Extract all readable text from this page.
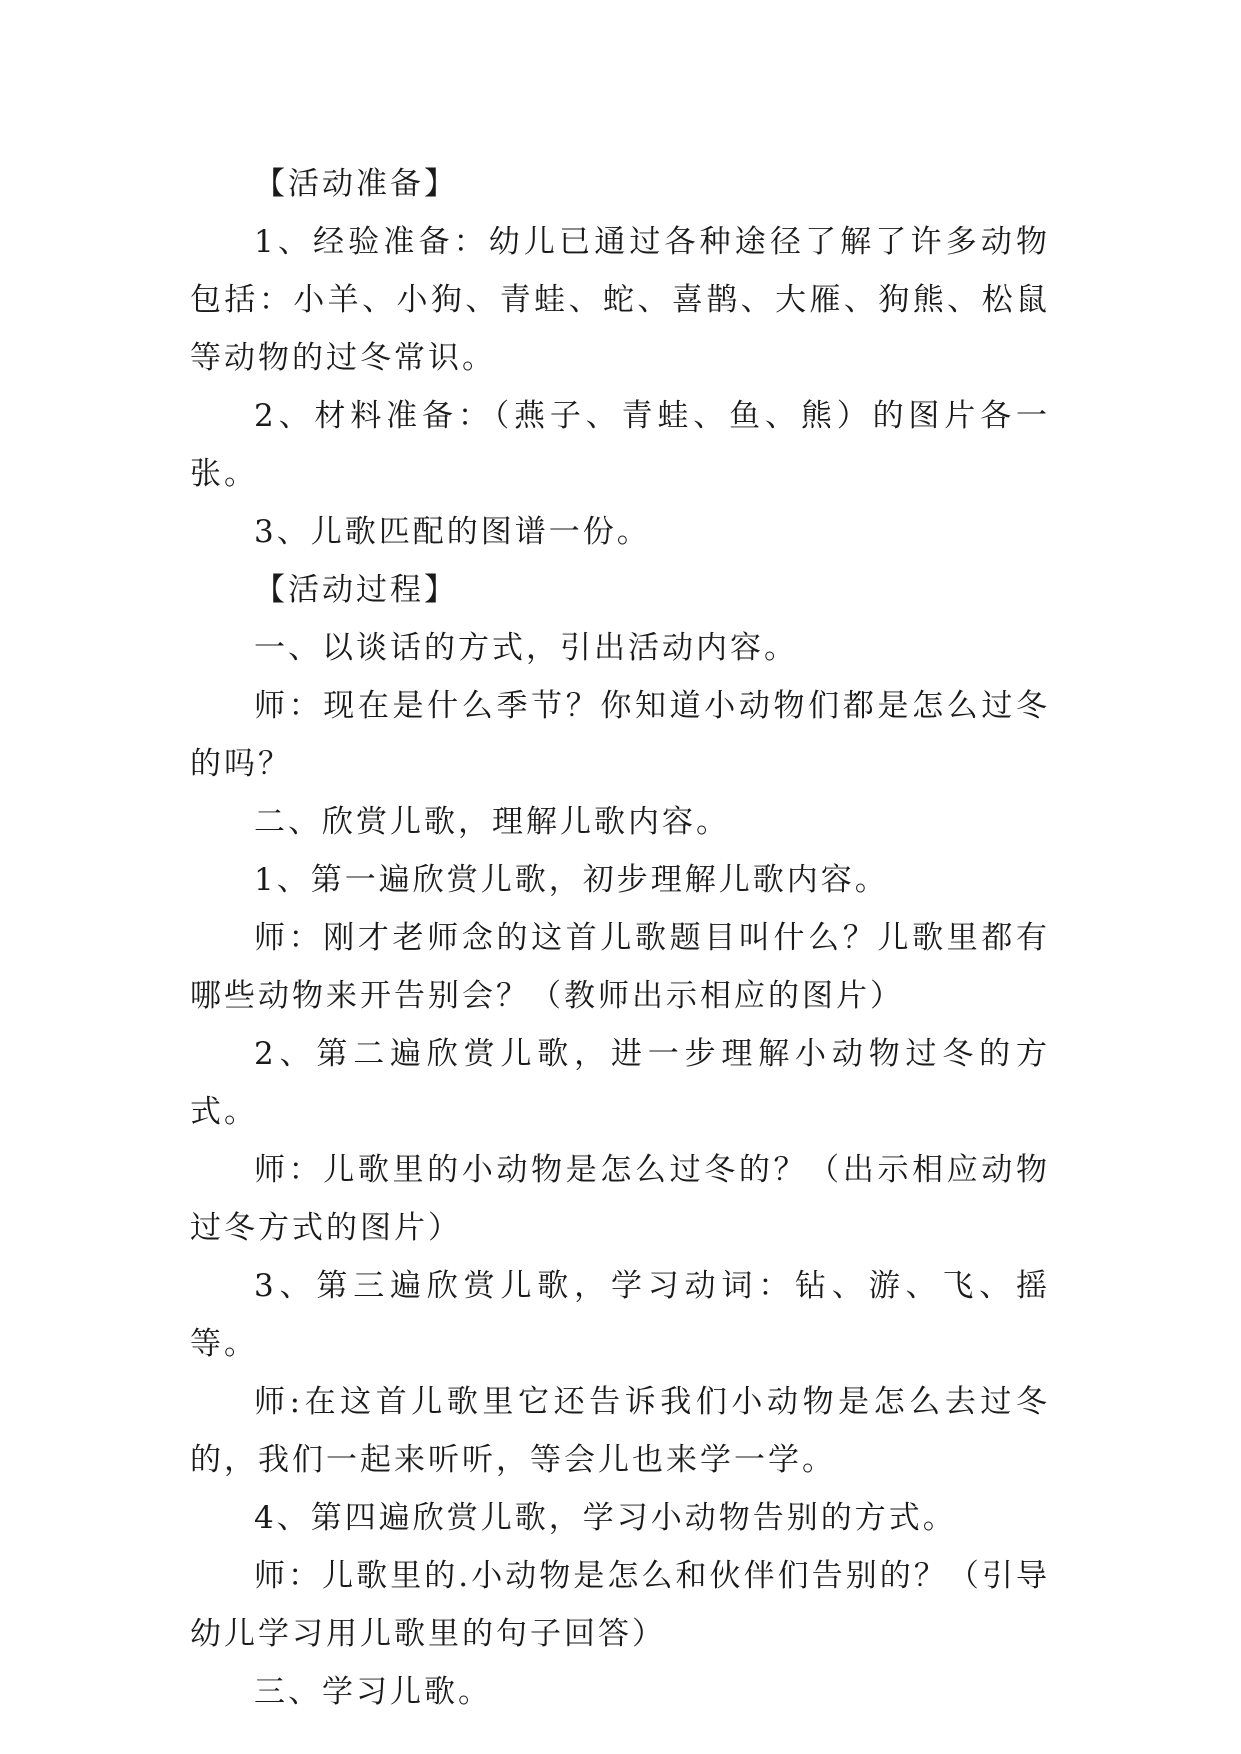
【活动准备】

1、经验准备：幼儿已通过各种途径了解了许多动物包括：小羊、小狗、青蛙、蛇、喜鹊、大雁、狗熊、松鼠等动物的过冬常识。

2、材料准备：（燕子、青蛙、鱼、熊）的图片各一张。

3、儿歌匹配的图谱一份。

【活动过程】

一、以谈话的方式，引出活动内容。

师：现在是什么季节？你知道小动物们都是怎么过冬的吗？

二、欣赏儿歌，理解儿歌内容。

1、第一遍欣赏儿歌，初步理解儿歌内容。

师：刚才老师念的这首儿歌题目叫什么？儿歌里都有哪些动物来开告别会？（教师出示相应的图片）

2、第二遍欣赏儿歌，进一步理解小动物过冬的方式。

师：儿歌里的小动物是怎么过冬的？（出示相应动物过冬方式的图片）

3、第三遍欣赏儿歌，学习动词：钻、游、飞、摇等。

师:在这首儿歌里它还告诉我们小动物是怎么去过冬的，我们一起来听听，等会儿也来学一学。

4、第四遍欣赏儿歌，学习小动物告别的方式。

师：儿歌里的.小动物是怎么和伙伴们告别的？（引导幼儿学习用儿歌里的句子回答）

三、学习儿歌。
